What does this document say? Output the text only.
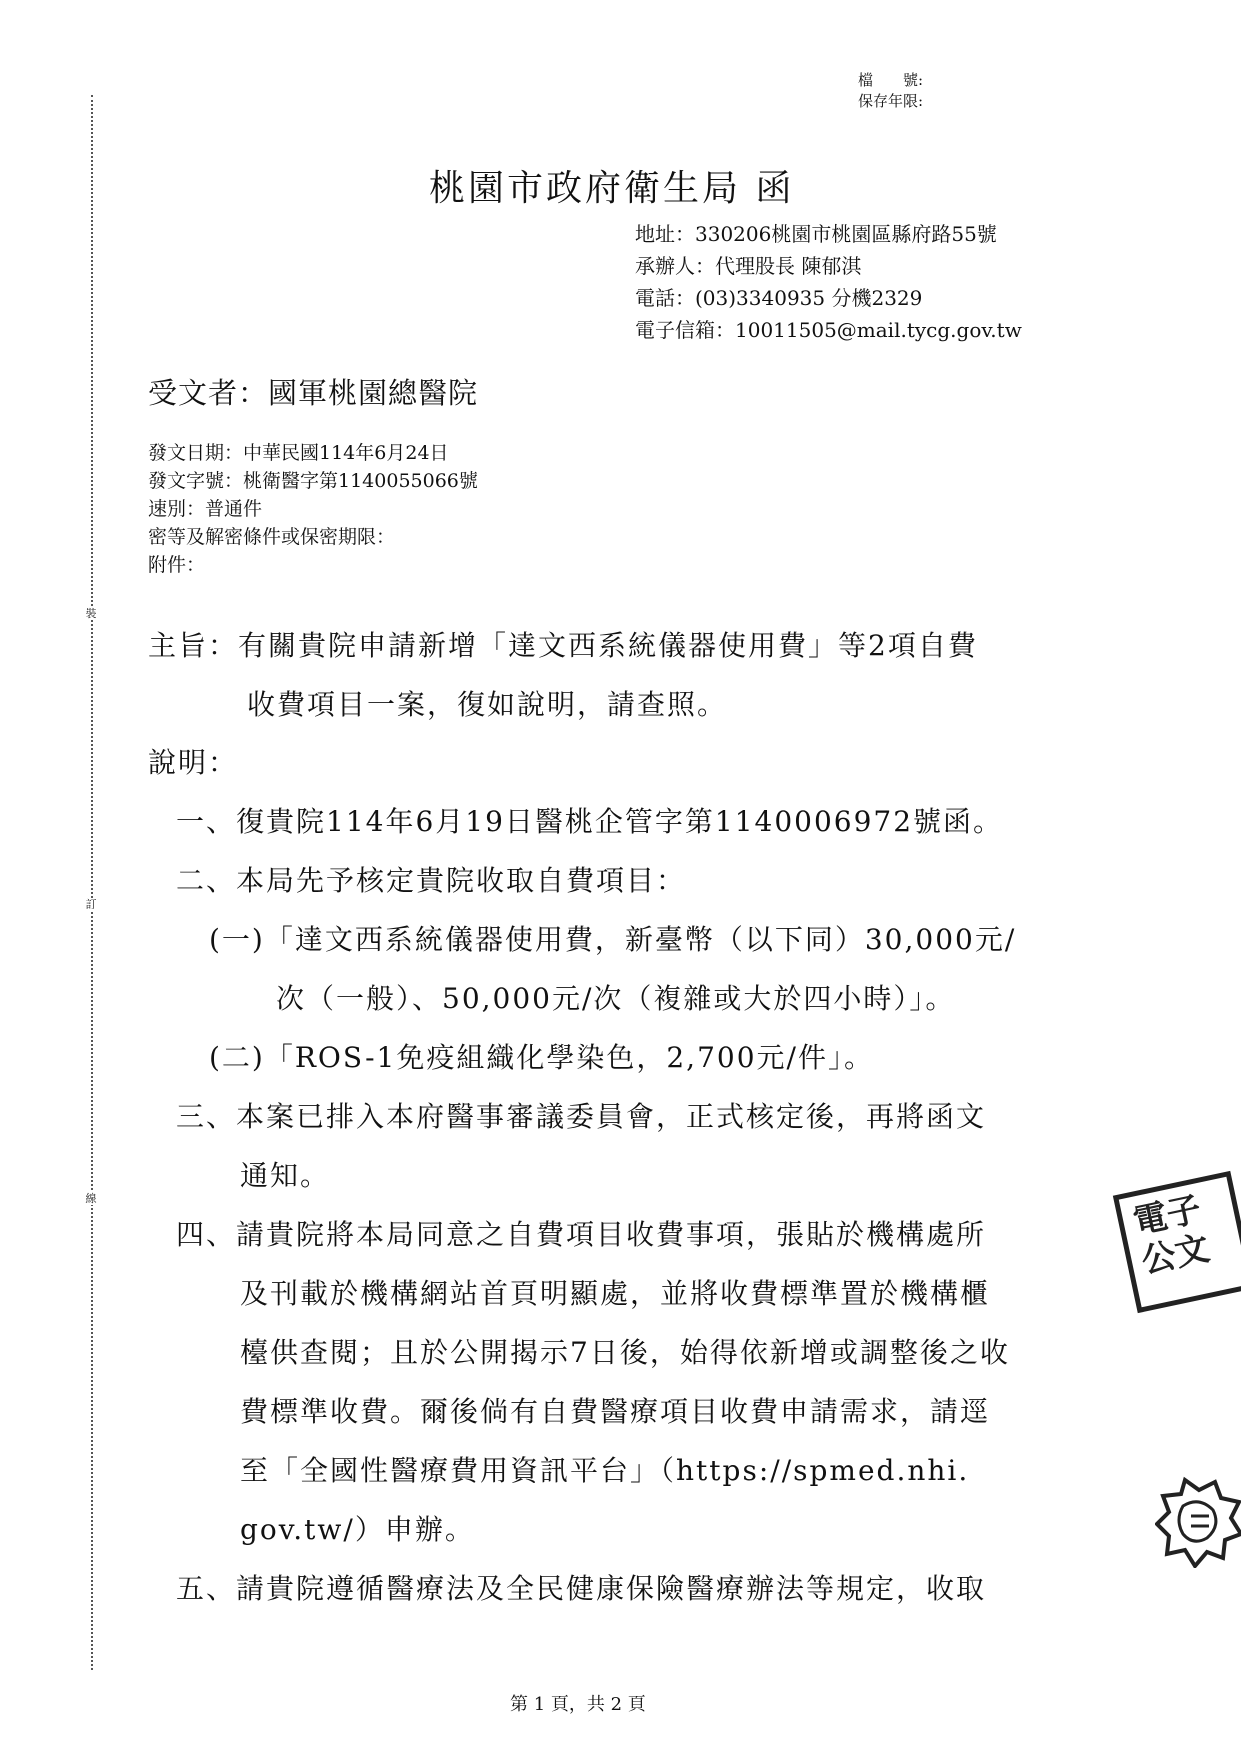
裝
訂
線
檔　　號:
保存年限:
桃園市政府衛生局 函
地址：330206桃園市桃園區縣府路55號
承辦人：代理股長 陳郁淇
電話：(03)3340935 分機2329
電子信箱：10011505@mail.tycg.gov.tw
受文者：國軍桃園總醫院
發文日期：中華民國114年6月24日
發文字號：桃衛醫字第1140055066號
速別：普通件
密等及解密條件或保密期限：
附件：
主旨：有關貴院申請新增「達文西系統儀器使用費」等2項自費
收費項目一案，復如說明，請查照。
說明：
一、復貴院114年6月19日醫桃企管字第1140006972號函。
二、本局先予核定貴院收取自費項目：
(一)「達文西系統儀器使用費，新臺幣（以下同）30,000元/
次（一般）、50,000元/次（複雜或大於四小時）」。
(二)「ROS-1免疫組織化學染色，2,700元/件」。
三、本案已排入本府醫事審議委員會，正式核定後，再將函文
通知。
四、請貴院將本局同意之自費項目收費事項，張貼於機構處所
及刊載於機構網站首頁明顯處，並將收費標準置於機構櫃
檯供查閱；且於公開揭示7日後，始得依新增或調整後之收
費標準收費。爾後倘有自費醫療項目收費申請需求，請逕
至「全國性醫療費用資訊平台」（https://spmed.nhi.
gov.tw/）申辦。
五、請貴院遵循醫療法及全民健康保險醫療辦法等規定，收取
電子公文
第 1 頁，共 2 頁
